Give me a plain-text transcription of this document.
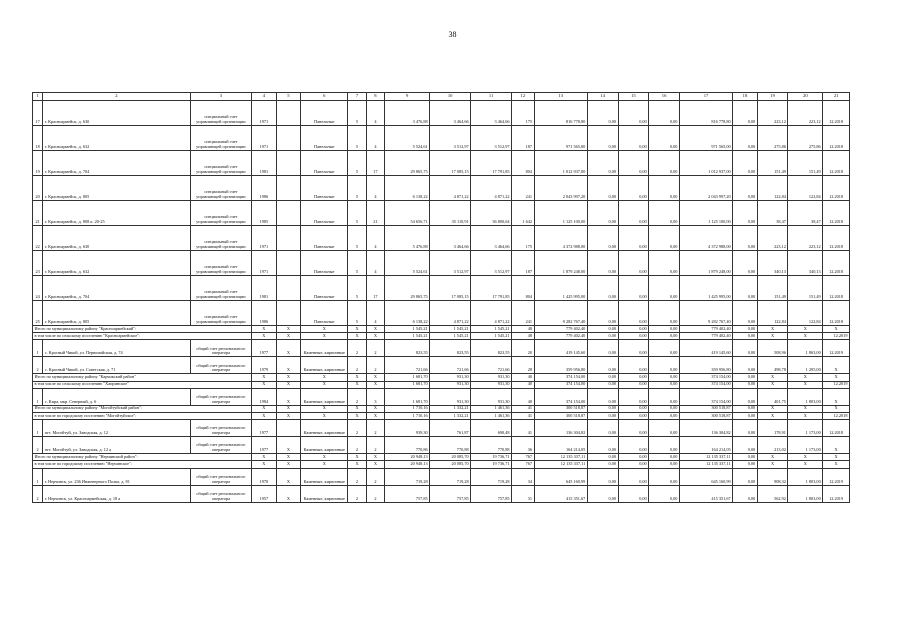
38
1	2	3	4	5	6	7	8	9	10	11	12	13	14	15	16	17	18	19	20	21
17	г. Красноармейск, д. 630	специальный счет управляющей организации	1971		Панельные	5	4	3 476,88	3 464,66	3 464,66	175	816 778,80	0,00	0,00	0,00	816 778,80	0,00	223,12	223,12	12.2018
18	г. Красноармейск, д. 632	специальный счет управляющей организации	1971		Панельные	5	4	5 524,61	3 512,97	3 512,97	187	971 565,00	0,00	0,00	0,00	971 565,00	0,00	275,86	275,86	12.2018
19	г. Красноармейск, д. 704	специальный счет управляющей организации	1981		Панельные	5	17	29 865,75	17 085,15	17 791,85	804	1 012 937,00	0,00	0,00	0,00	1 012 937,00	0,00	151,49	151,49	12.2018
20	г. Красноармейск, д. 805	специальный счет управляющей организации	1986		Панельные	5	4	6 138,22	4 871,22	4 871,22	241	2 043 997,20	0,00	0,00	0,00	2 043 997,20	0,00	122,84	122,84	12.2018
21	г. Красноармейск, д. 808 к. 20-25	специальный счет управляющей организации	1985		Панельные	5	21	54 656,71	35 110,91	36 800,64	1 642	1 125 100,00	0,00	0,00	0,00	1 125 100,00	0,00	38,47	38,47	12.2018
22	г. Красноармейск, д. 630	специальный счет управляющей организации	1971		Панельные	5	4	5 476,88	3 464,66	3 464,66	175	4 372 988,00	0,00	0,00	0,00	4 372 988,00	0,00	223,12	223,12	12.2018
23	г. Красноармейск, д. 632	специальный счет управляющей организации	1971		Панельные	5	4	5 524,61	3 512,97	3 512,97	187	1 879 248,00	0,00	0,00	0,00	1 879 248,00	0,00	340,13	340,13	12.2018
24	г. Красноармейск, д. 704	специальный счет управляющей организации	1981		Панельные	5	17	29 865,75	17 085,15	17 791,85	804	1 425 995,00	0,00	0,00	0,00	1 425 995,00	0,00	151,49	151,49	12.2018
25	г. Красноармейск, д. 805	специальный счет управляющей организации	1986		Панельные	5	4	6 138,22	4 871,22	4 871,22	241	9 282 767,40	0,00	0,00	0,00	9 282 767,40	0,00	122,84	122,84	12.2018
Итого по муниципальному району "Красноармейский":			X	X	X	X	X	1 545,21	1 545,21	1 545,21	48	779 402,40	0,00	0,00	0,00	779 402,40	0,00	X	X	X
в том числе по сельскому поселению "Красноармейское":			X	X	X	X	X	1 545,21	1 545,21	1 545,21	48	779 402,40	0,00	0,00	0,00	779 402,40	0,00	X	X	12.2019
1	с. Красный Чикой, ул. Первомайская, д. 74	общий счет регионального оператора	1977	X	Каменные, кирпичные	2	2	823,55	823,55	823,55	20	419 145,60	0,00	0,00	0,00	419 145,60	0,00	508,96	1 863,00	12.2019
2	с. Красный Чикой, ул. Советская, д. 71	общий счет регионального оператора	1979	X	Каменные, кирпичные	2	2	721,66	721,66	721,66	28	359 956,80	0,00	0,00	0,00	359 956,80	0,00	498,78	1 295,00	X
Итого по муниципальному району "Карчикский район"			X	X	X	X	X	1 681,70	931,30	931,30	40	374 154,00	0,00	0,00	0,00	374 154,00	0,00	X	X	X
в том числе по сельскому поселению "Хапринское"			X	X	X	X	X	1 681,70	931,30	931,30	40	374 154,00	0,00	0,00	0,00	374 154,00	0,00	X	X	12.2019
1	с. Кира, мкр. Северный, д. 6	общий счет регионального оператора	1984	X	Каменные, кирпичные	2	3	1 681,70	931,30	931,30	40	374 154,00	0,00	0,00	0,00	374 154,00	0,00	401,75	1 803,00	X
Итого по муниципальному району "Могойтуйский район":			X	X	X	X	X	1 710,16	1 332,21	1 461,36	41	300 518,87	0,00	0,00	0,00	300 518,87	0,00	X	X	X
в том числе по городскому поселению "Могойтуйское":			X	X	X	X	X	1 710,16	1 332,21	1 461,36	41	300 518,87	0,00	0,00	0,00	300 518,87	0,00	X	X	12.2018
1	пгт. Могойтуй, ул. Заводская, д. 12	общий счет регионального оператора	1977		Каменные, кирпичные	2	2	939,30	761,87	690,48	41	136 304,82	0,00	0,00	0,00	136 304,82	0,00	178,91	1 173,00	12.2018
2	пгт. Могойтуй, ул. Заводская, д. 12 а	общий счет регионального оператора	1977	X	Каменные, кирпичные	2	2	770,86	770,88	770,88	36	164 214,05	0,00	0,00	0,00	164 214,05	0,00	213,02	1 173,00	X
Итого по муниципальному району "Нерчинский район":			X	X	X	X	X	20 948,13	20 085,70	19 736,71	767	12 135 337,11	0,00	0,00	0,00	12 135 337,11	0,00	X	X	X
в том числе по городскому поселению "Нерчинское":			X	X	X	X	X	20 948,13	20 085,70	19 736,71	767	12 135 337,11	0,00	0,00	0,00	12 135 337,11	0,00	X	X	X
1	г. Нерчинск, ул. 236 Инженерного Полка, д. 81	общий счет регионального оператора	1970	X	Каменные, кирпичные	2	2	719,28	719,28	719,28	34	645 160,99	0,00	0,00	0,00	645 160,99	0,00	908,32	1 803,00	12.2019
2	г. Нерчинск, ул. Красноармейская, д. 18 а	общий счет регионального оператора	1957	X	Каменные, кирпичные	2	2	757,85	757,85	757,85	31	415 351,67	0,00	0,00	0,00	415 351,67	0,00	562,92	1 803,00	12.2019
